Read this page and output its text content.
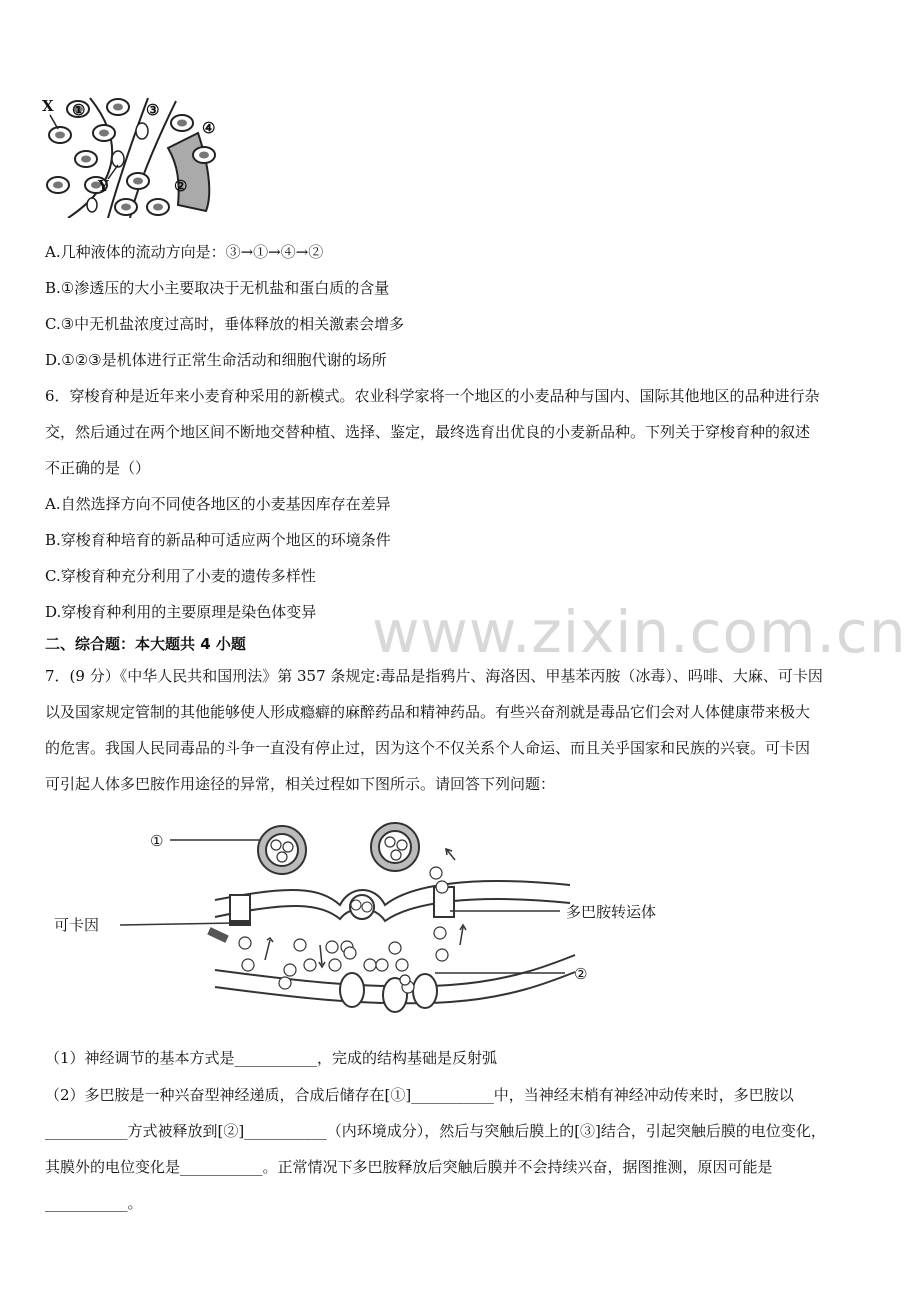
X
Y
①	③
④
②
A.几种液体的流动方向是：③→①→④→②
B.①渗透压的大小主要取决于无机盐和蛋白质的含量
C.③中无机盐浓度过高时，垂体释放的相关激素会增多
D.①②③是机体进行正常生命活动和细胞代谢的场所
6．穿梭育种是近年来小麦育种采用的新模式。农业科学家将一个地区的小麦品种与国内、国际其他地区的品种进行杂
交，然后通过在两个地区间不断地交替种植、选择、鉴定，最终选育出优良的小麦新品种。下列关于穿梭育种的叙述
不正确的是（）
A.自然选择方向不同使各地区的小麦基因库存在差异
B.穿梭育种培育的新品种可适应两个地区的环境条件
C.穿梭育种充分利用了小麦的遗传多样性
D.穿梭育种利用的主要原理是染色体变异 www.zixin.com.cn
二、综合题：本大题共 4 小题
7．(9 分）《中华人民共和国刑法》第 357 条规定:毒品是指鸦片、海洛因、甲基苯丙胺（冰毒）、吗啡、大麻、可卡因
以及国家规定管制的其他能够使人形成瘾癖的麻醉药品和精神药品。有些兴奋剂就是毒品它们会对人体健康带来极大
的危害。我国人民同毒品的斗争一直没有停止过，因为这个不仅关系个人命运、而且关乎国家和民族的兴衰。可卡因
可引起人体多巴胺作用途径的异常，相关过程如下图所示。请回答下列问题：
①
②
可卡因
多巴胺转运体
（1）神经调节的基本方式是___________，完成的结构基础是反射弧
（2）多巴胺是一种兴奋型神经递质，合成后储存在[①]___________中，当神经末梢有神经冲动传来时，多巴胺以
___________方式被释放到[②]___________（内环境成分），然后与突触后膜上的[③]结合，引起突触后膜的电位变化，
其膜外的电位变化是___________。正常情况下多巴胺释放后突触后膜并不会持续兴奋，据图推测，原因可能是
___________。
